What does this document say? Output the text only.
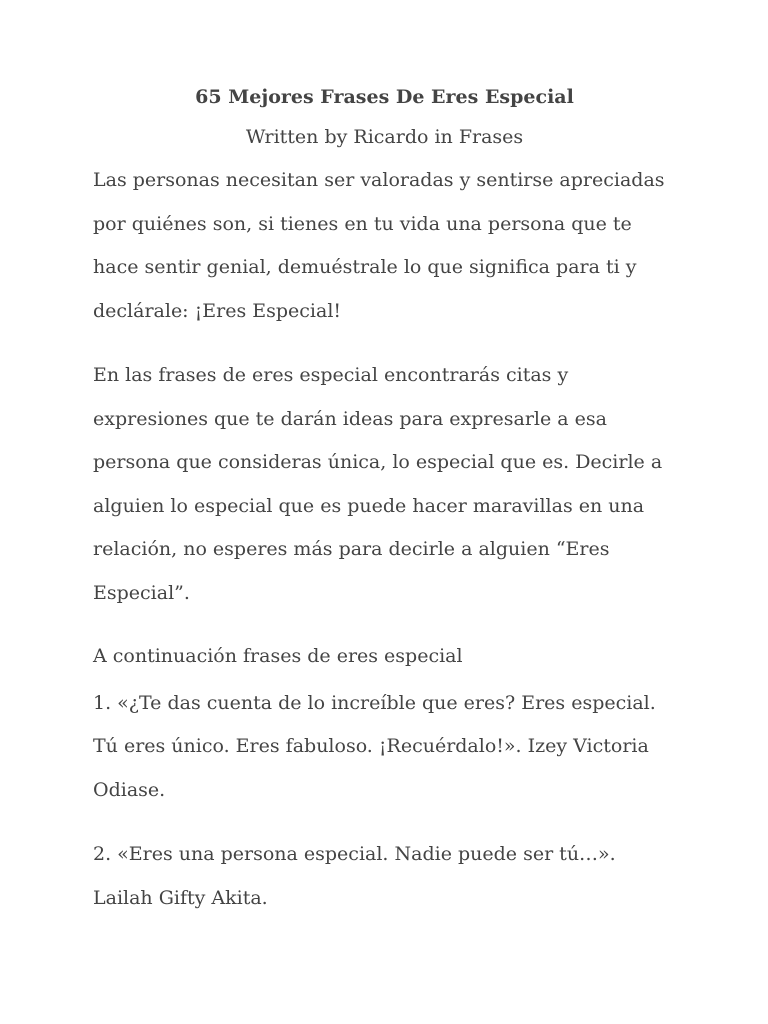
65 Mejores Frases De Eres Especial

Written by Ricardo in Frases

Las personas necesitan ser valoradas y sentirse apreciadas por quiénes son, si tienes en tu vida una persona que te hace sentir genial, demuéstrale lo que significa para ti y declárale: ¡Eres Especial!

En las frases de eres especial encontrarás citas y expresiones que te darán ideas para expresarle a esa persona que consideras única, lo especial que es. Decirle a alguien lo especial que es puede hacer maravillas en una relación, no esperes más para decirle a alguien “Eres Especial”.

A continuación frases de eres especial

1. «¿Te das cuenta de lo increíble que eres? Eres especial. Tú eres único. Eres fabuloso. ¡Recuérdalo!». Izey Victoria Odiase.

2. «Eres una persona especial. Nadie puede ser tú…». Lailah Gifty Akita.
